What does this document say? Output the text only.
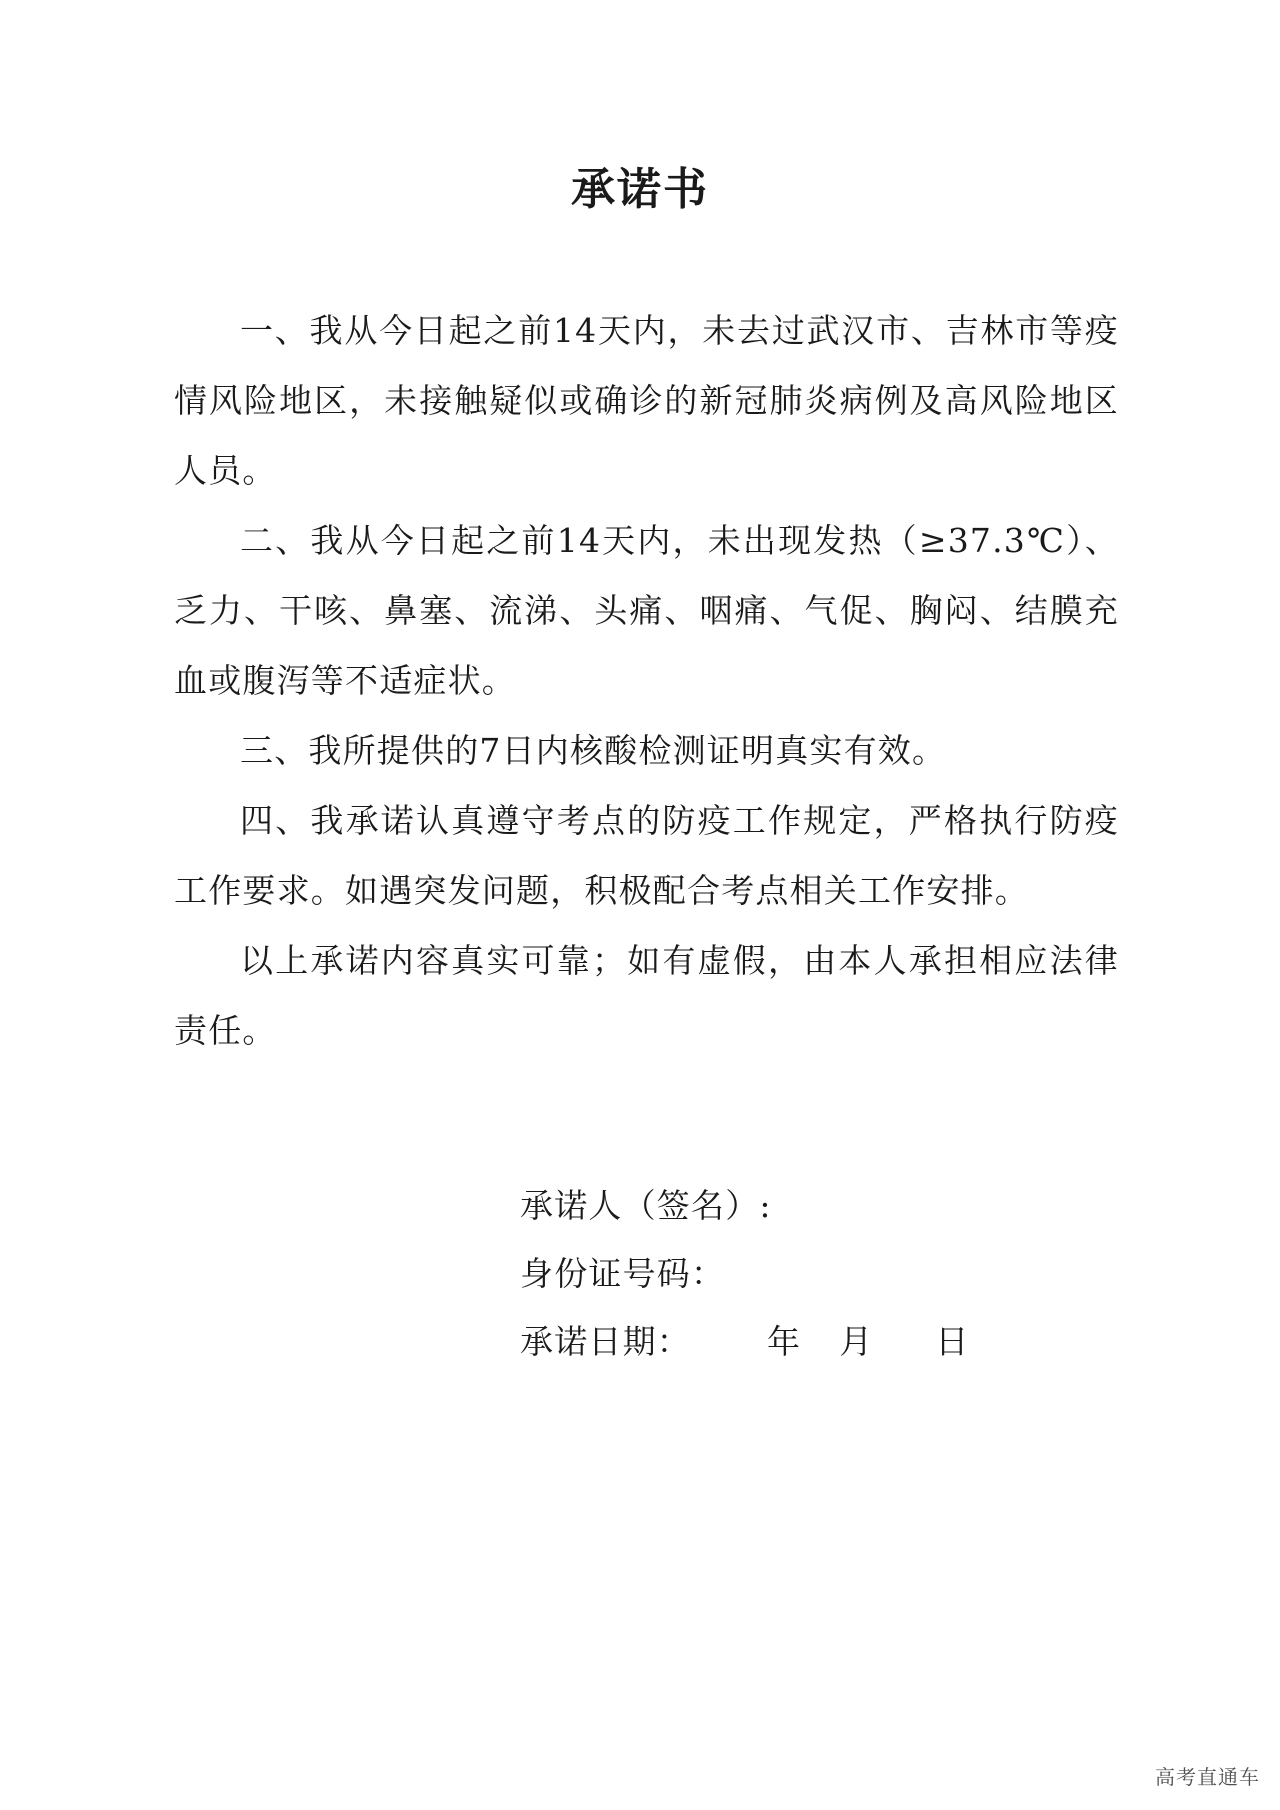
承诺书

一、我从今日起之前14天内，未去过武汉市、吉林市等疫情风险地区，未接触疑似或确诊的新冠肺炎病例及高风险地区人员。

二、我从今日起之前14天内，未出现发热（≥37.3℃）、乏力、干咳、鼻塞、流涕、头痛、咽痛、气促、胸闷、结膜充血或腹泻等不适症状。

三、我所提供的7日内核酸检测证明真实有效。

四、我承诺认真遵守考点的防疫工作规定，严格执行防疫工作要求。如遇突发问题，积极配合考点相关工作安排。

以上承诺内容真实可靠；如有虚假，由本人承担相应法律责任。

承诺人（签名）:
身份证号码：
承诺日期： 年 月 日
高考直通车
